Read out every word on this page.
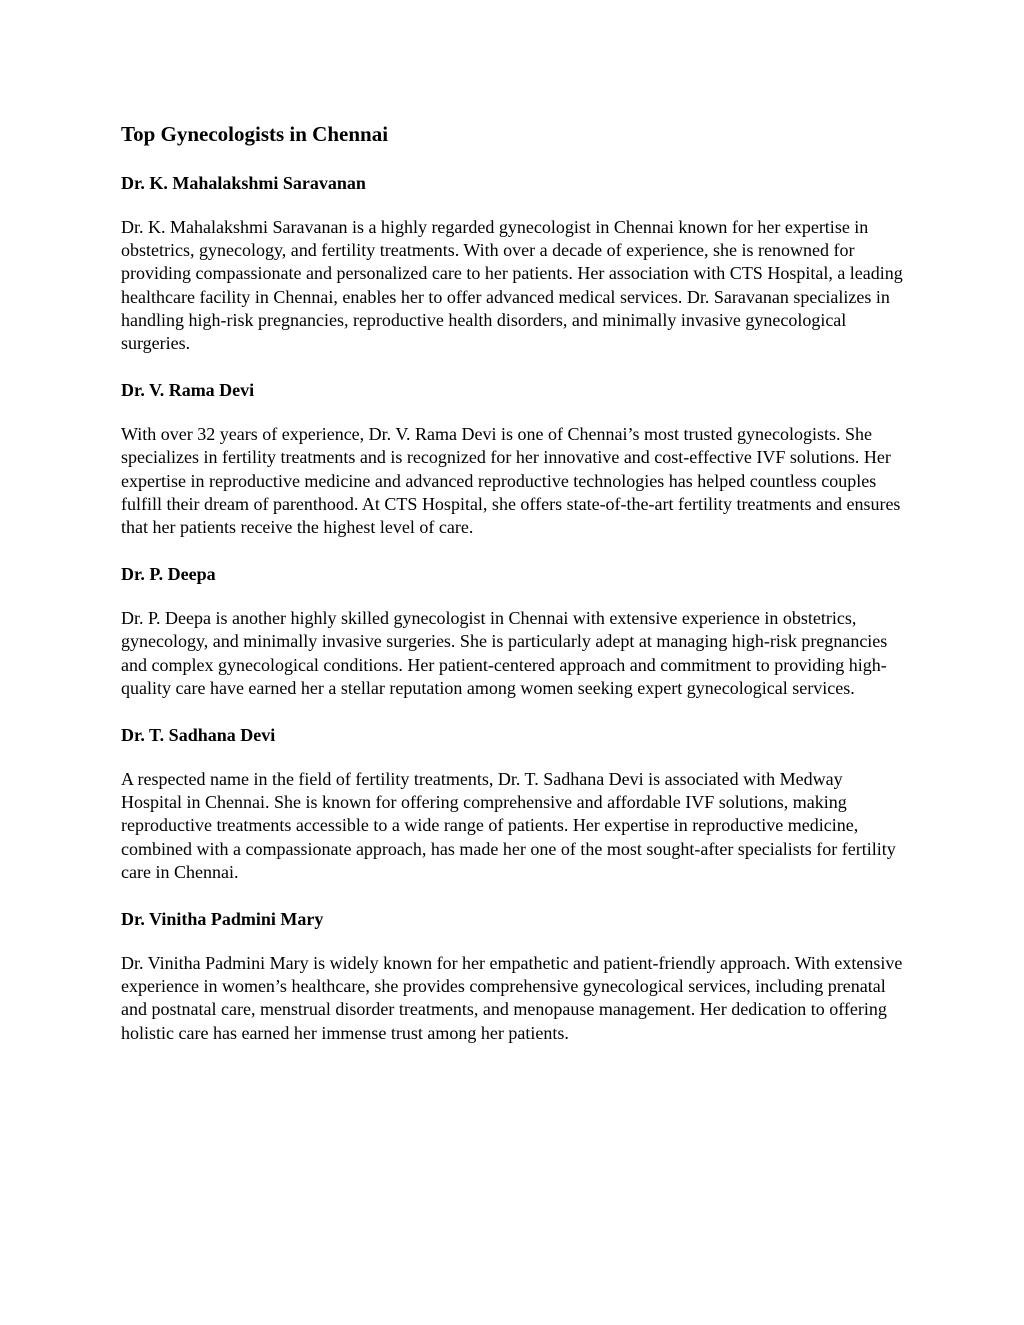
Top Gynecologists in Chennai
Dr. K. Mahalakshmi Saravanan

Dr. K. Mahalakshmi Saravanan is a highly regarded gynecologist in Chennai known for her expertise in obstetrics, gynecology, and fertility treatments. With over a decade of experience, she is renowned for providing compassionate and personalized care to her patients. Her association with CTS Hospital, a leading healthcare facility in Chennai, enables her to offer advanced medical services. Dr. Saravanan specializes in handling high-risk pregnancies, reproductive health disorders, and minimally invasive gynecological surgeries.

Dr. V. Rama Devi

With over 32 years of experience, Dr. V. Rama Devi is one of Chennai’s most trusted gynecologists. She specializes in fertility treatments and is recognized for her innovative and cost-effective IVF solutions. Her expertise in reproductive medicine and advanced reproductive technologies has helped countless couples fulfill their dream of parenthood. At CTS Hospital, she offers state-of-the-art fertility treatments and ensures that her patients receive the highest level of care.

Dr. P. Deepa

Dr. P. Deepa is another highly skilled gynecologist in Chennai with extensive experience in obstetrics, gynecology, and minimally invasive surgeries. She is particularly adept at managing high-risk pregnancies and complex gynecological conditions. Her patient-centered approach and commitment to providing high-quality care have earned her a stellar reputation among women seeking expert gynecological services.

Dr. T. Sadhana Devi

A respected name in the field of fertility treatments, Dr. T. Sadhana Devi is associated with Medway Hospital in Chennai. She is known for offering comprehensive and affordable IVF solutions, making reproductive treatments accessible to a wide range of patients. Her expertise in reproductive medicine, combined with a compassionate approach, has made her one of the most sought-after specialists for fertility care in Chennai.

Dr. Vinitha Padmini Mary

Dr. Vinitha Padmini Mary is widely known for her empathetic and patient-friendly approach. With extensive experience in women’s healthcare, she provides comprehensive gynecological services, including prenatal and postnatal care, menstrual disorder treatments, and menopause management. Her dedication to offering holistic care has earned her immense trust among her patients.
